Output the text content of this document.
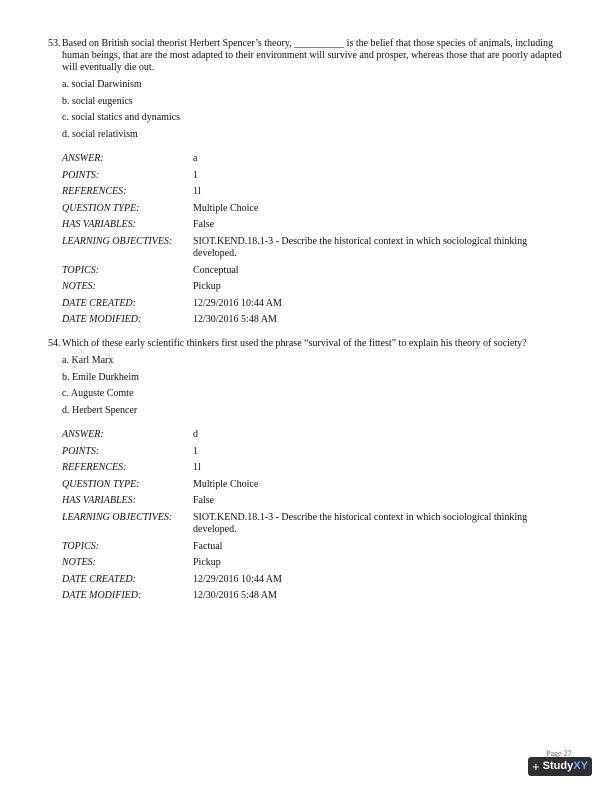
53. Based on British social theorist Herbert Spencer’s theory, __________ is the belief that those species of animals, including human beings, that are the most adapted to their environment will survive and prosper, whereas those that are poorly adapted will eventually die out.
a. social Darwinism
b. social eugenics
c. social statics and dynamics
d. social relativism
ANSWER:	a
POINTS:	1
REFERENCES:	1l
QUESTION TYPE:	Multiple Choice
HAS VARIABLES:	False
LEARNING OBJECTIVES:	SIOT.KEND.18.1-3 - Describe the historical context in which sociological thinking developed.
TOPICS:	Conceptual
NOTES:	Pickup
DATE CREATED:	12/29/2016 10:44 AM
DATE MODIFIED:	12/30/2016 5:48 AM
54. Which of these early scientific thinkers first used the phrase “survival of the fittest” to explain his theory of society?
a. Karl Marx
b. Emile Durkheim
c. Auguste Comte
d. Herbert Spencer
ANSWER:	d
POINTS:	1
REFERENCES:	1l
QUESTION TYPE:	Multiple Choice
HAS VARIABLES:	False
LEARNING OBJECTIVES:	SIOT.KEND.18.1-3 - Describe the historical context in which sociological thinking developed.
TOPICS:	Factual
NOTES:	Pickup
DATE CREATED:	12/29/2016 10:44 AM
DATE MODIFIED:	12/30/2016 5:48 AM
Page 27
+ Study XY
